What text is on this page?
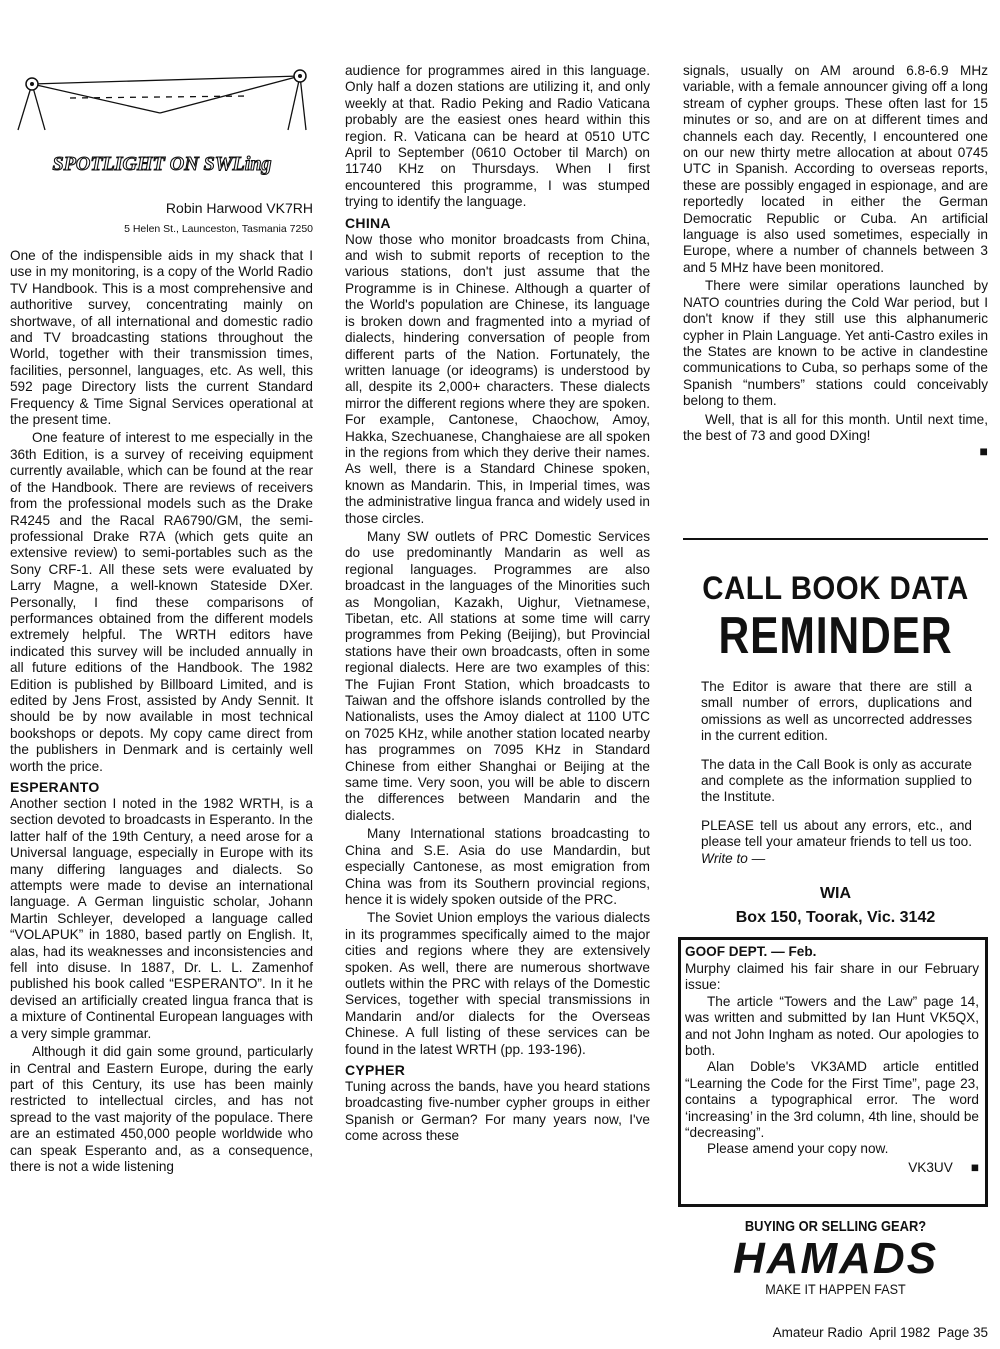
SPOTLIGHT ON SWLing
Robin Harwood VK7RH
5 Helen St., Launceston, Tasmania 7250

One of the indispensible aids in my shack that I use in my monitoring, is a copy of the World Radio TV Handbook. This is a most comprehensive and authoritive survey, concentrating mainly on shortwave, of all international and domestic radio and TV broadcasting stations throughout the World, together with their transmission times, facilities, personnel, languages, etc. As well, this 592 page Directory lists the current Standard Frequency & Time Signal Services operational at the present time.

One feature of interest to me especially in the 36th Edition, is a survey of receiving equipment currently available, which can be found at the rear of the Handbook. There are reviews of receivers from the professional models such as the Drake R4245 and the Racal RA6790/GM, the semi-professional Drake R7A (which gets quite an extensive review) to semi-portables such as the Sony CRF-1. All these sets were evaluated by Larry Magne, a well-known Stateside DXer. Personally, I find these comparisons of performances obtained from the different models extremely helpful. The WRTH editors have indicated this survey will be included annually in all future editions of the Handbook. The 1982 Edition is published by Billboard Limited, and is edited by Jens Frost, assisted by Andy Sennit. It should be by now available in most technical bookshops or depots. My copy came direct from the publishers in Denmark and is certainly well worth the price.

ESPERANTO

Another section I noted in the 1982 WRTH, is a section devoted to broadcasts in Esperanto. In the latter half of the 19th Century, a need arose for a Universal language, especially in Europe with its many differing languages and dialects. So attempts were made to devise an international language. A German linguistic scholar, Johann Martin Schleyer, developed a language called “VOLAPUK” in 1880, based partly on English. It, alas, had its weaknesses and inconsistencies and fell into disuse. In 1887, Dr. L. L. Zamenhof published his book called “ESPERANTO”. In it he devised an artificially created lingua franca that is a mixture of Continental European languages with a very simple grammar.

Although it did gain some ground, particularly in Central and Eastern Europe, during the early part of this Century, its use has been mainly restricted to intellectual circles, and has not spread to the vast majority of the populace. There are an estimated 450,000 people worldwide who can speak Esperanto and, as a consequence, there is not a wide listening

audience for programmes aired in this language. Only half a dozen stations are utilizing it, and only weekly at that. Radio Peking and Radio Vaticana probably are the easiest ones heard within this region. R. Vaticana can be heard at 0510 UTC April to September (0610 October til March) on 11740 KHz on Thursdays. When I first encountered this programme, I was stumped trying to identify the language.

CHINA

Now those who monitor broadcasts from China, and wish to submit reports of reception to the various stations, don't just assume that the Programme is in Chinese. Although a quarter of the World's population are Chinese, its language is broken down and fragmented into a myriad of dialects, hindering conversation of people from different parts of the Nation. Fortunately, the written lanuage (or ideograms) is understood by all, despite its 2,000+ characters. These dialects mirror the different regions where they are spoken. For example, Cantonese, Chaochow, Amoy, Hakka, Szechuanese, Changhaiese are all spoken in the regions from which they derive their names. As well, there is a Standard Chinese spoken, known as Mandarin. This, in Imperial times, was the administrative lingua franca and widely used in those circles.

Many SW outlets of PRC Domestic Services do use predominantly Mandarin as well as regional languages. Programmes are also broadcast in the languages of the Minorities such as Mongolian, Kazakh, Uighur, Vietnamese, Tibetan, etc. All stations at some time will carry programmes from Peking (Beijing), but Provincial stations have their own broadcasts, often in some regional dialects. Here are two examples of this: The Fujian Front Station, which broadcasts to Taiwan and the offshore islands controlled by the Nationalists, uses the Amoy dialect at 1100 UTC on 7025 KHz, while another station located nearby has programmes on 7095 KHz in Standard Chinese from either Shanghai or Beijing at the same time. Very soon, you will be able to discern the differences between Mandarin and the dialects.

Many International stations broadcasting to China and S.E. Asia do use Mandardin, but especially Cantonese, as most emigration from China was from its Southern provincial regions, hence it is widely spoken outside of the PRC.

The Soviet Union employs the various dialects in its programmes specifically aimed to the major cities and regions where they are extensively spoken. As well, there are numerous shortwave outlets within the PRC with relays of the Domestic Services, together with special transmissions in Mandarin and/or dialects for the Overseas Chinese. A full listing of these services can be found in the latest WRTH (pp. 193-196).

CYPHER

Tuning across the bands, have you heard stations broadcasting five-number cypher groups in either Spanish or German? For many years now, I've come across these

signals, usually on AM around 6.8-6.9 MHz variable, with a female announcer giving off a long stream of cypher groups. These often last for 15 minutes or so, and are on at different times and channels each day. Recently, I encountered one on our new thirty metre allocation at about 0745 UTC in Spanish. According to overseas reports, these are possibly engaged in espionage, and are reportedly located in either the German Democratic Republic or Cuba. An artificial language is also used sometimes, especially in Europe, where a number of channels between 3 and 5 MHz have been monitored.

There were similar operations launched by NATO countries during the Cold War period, but I don't know if they still use this alphanumeric cypher in Plain Language. Yet anti-Castro exiles in the States are known to be active in clandestine communications to Cuba, so perhaps some of the Spanish “numbers” stations could conceivably belong to them.

Well, that is all for this month. Until next time, the best of 73 and good DXing!

■
CALL BOOK DATA
REMINDER

The Editor is aware that there are still a small number of errors, duplications and omissions as well as uncorrected addresses in the current edition.

The data in the Call Book is only as accurate and complete as the information supplied to the Institute.

PLEASE tell us about any errors, etc., and please tell your amateur friends to tell us too. Write to —

WIA
Box 150, Toorak, Vic. 3142
GOOF DEPT. — Feb.

Murphy claimed his fair share in our February issue:

The article “Towers and the Law” page 14, was written and submitted by Ian Hunt VK5QX, and not John Ingham as noted. Our apologies to both.

Alan Doble's VK3AMD article entitled “Learning the Code for the First Time”, page 23, contains a typographical error. The word ‘increasing’ in the 3rd column, 4th line, should be “decreasing”.

Please amend your copy now.

VK3UV ■
BUYING OR SELLING GEAR?
HAMADS
MAKE IT HAPPEN FAST
Amateur Radio  April 1982  Page 35
